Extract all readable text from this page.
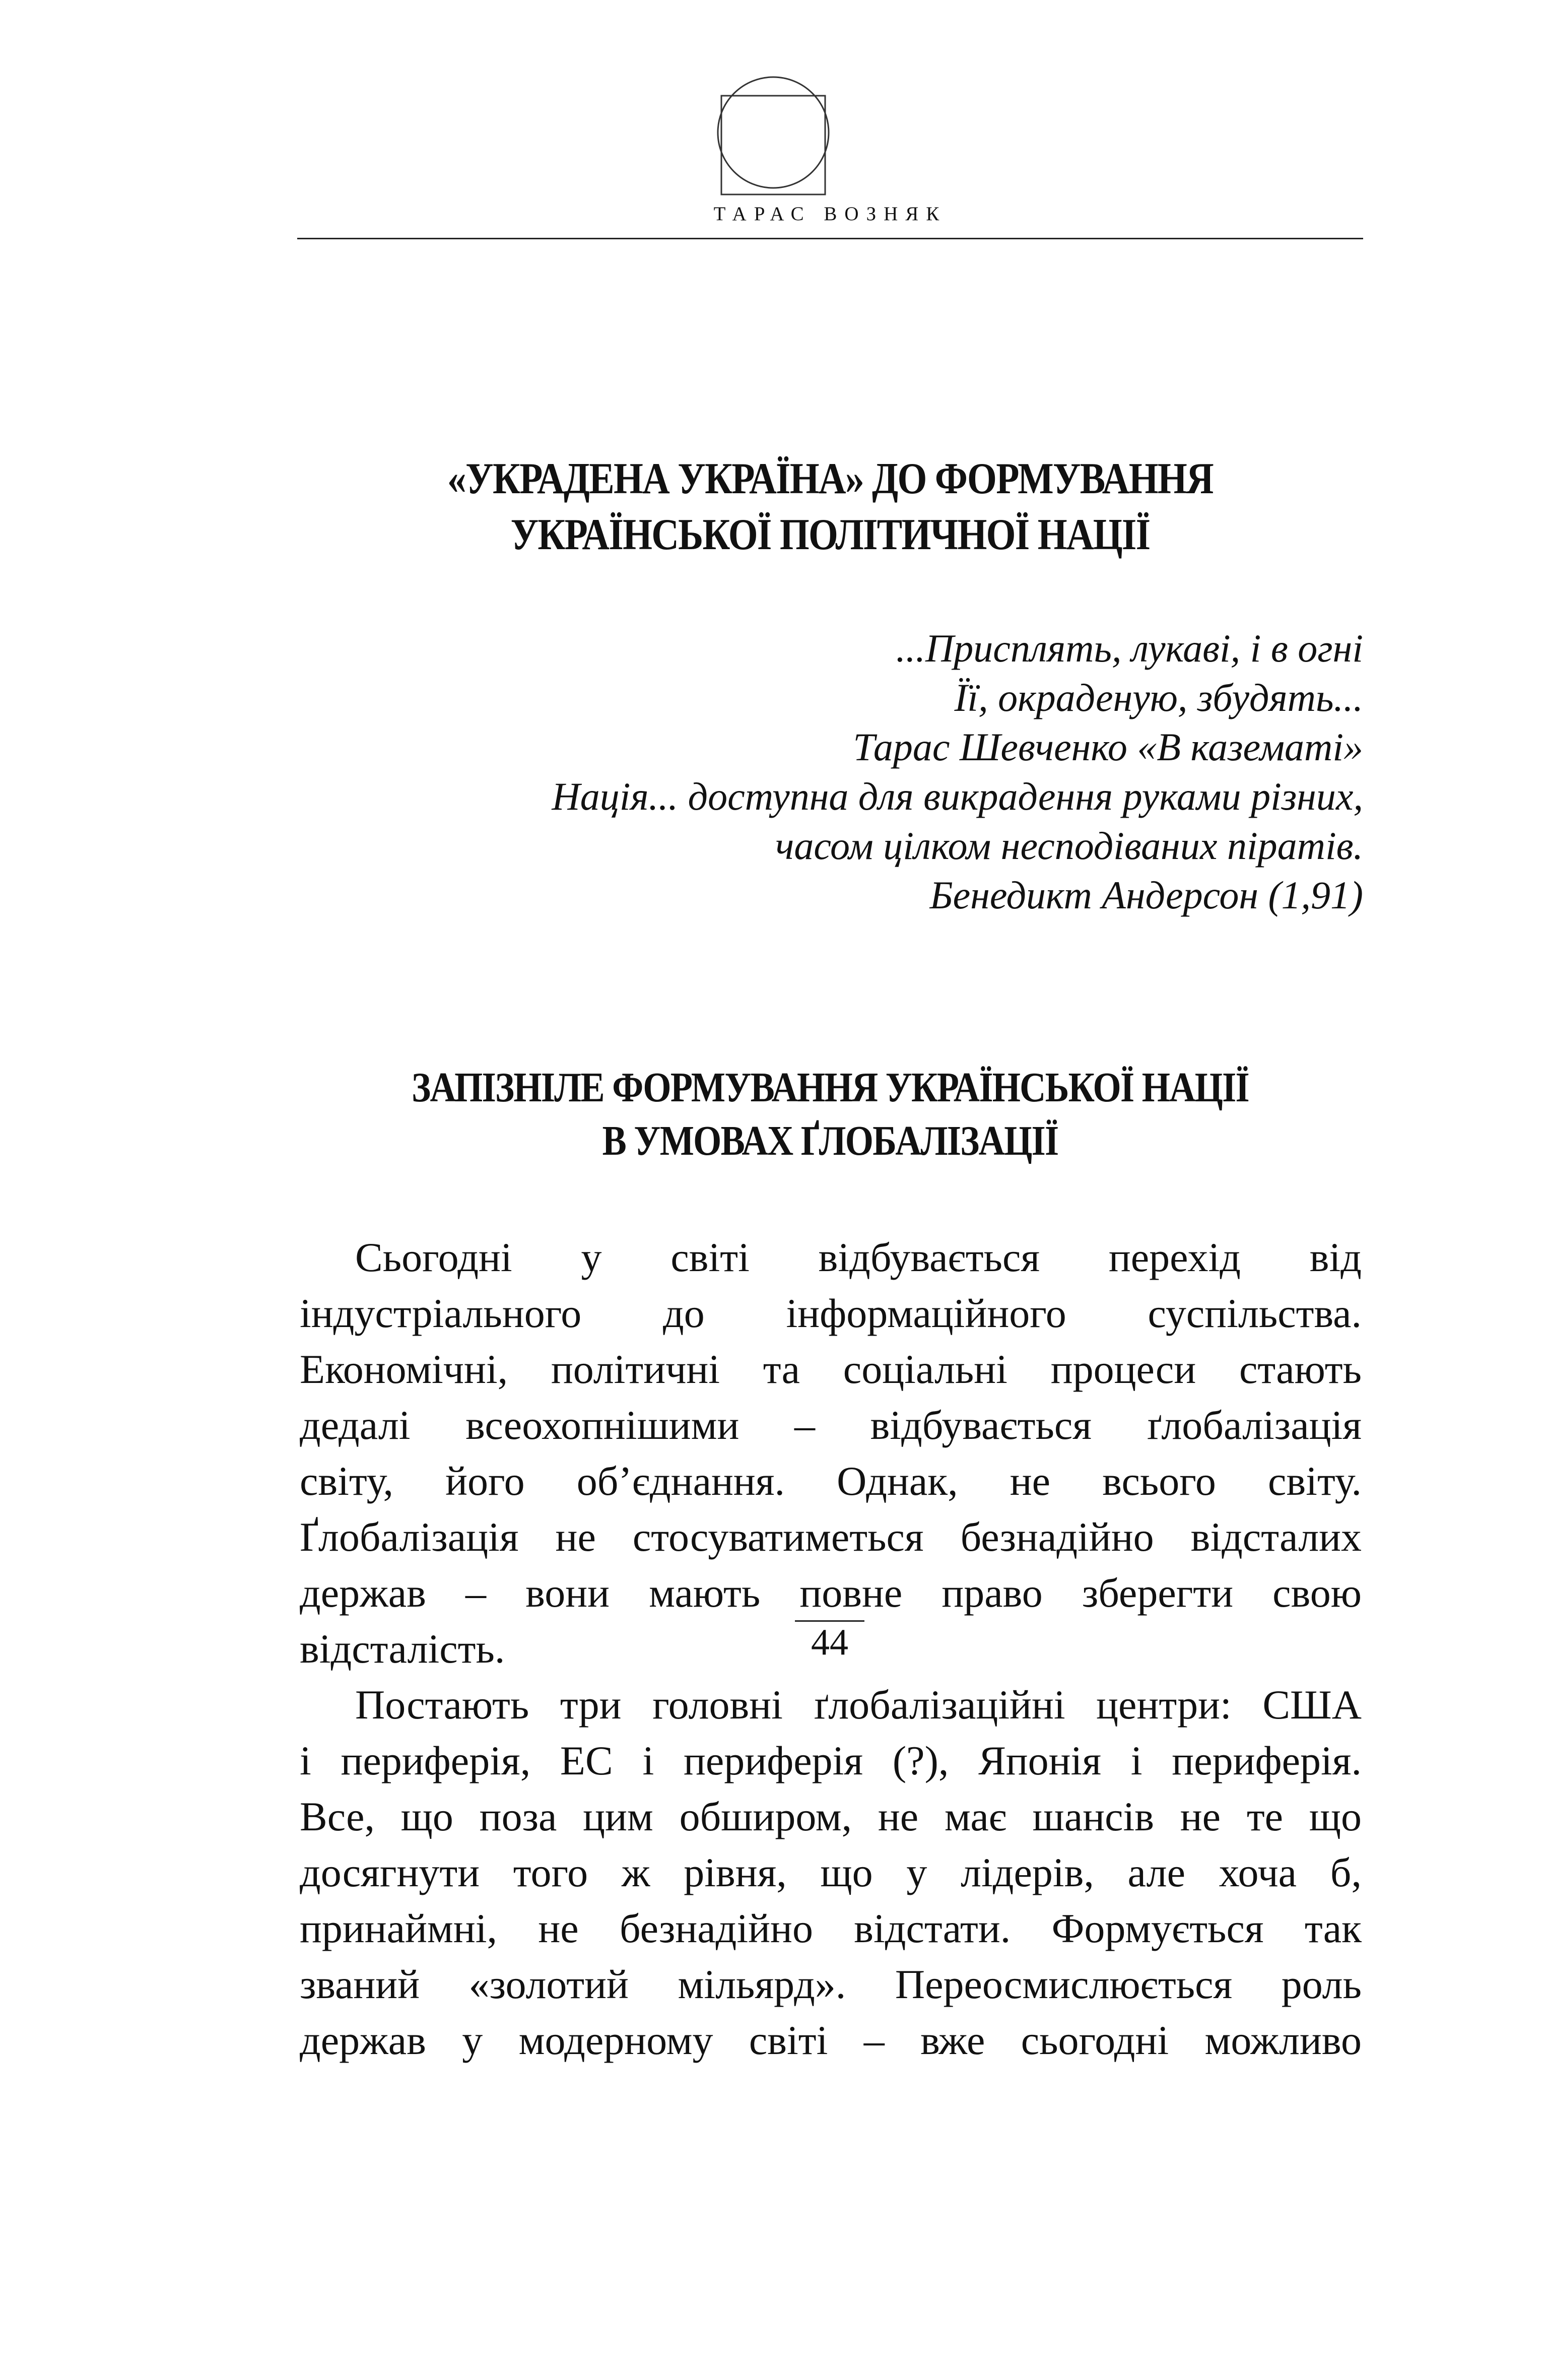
ТАРАС ВОЗНЯК
«УКРАДЕНА УКРАЇНА» ДО ФОРМУВАННЯ
УКРАЇНСЬКОЇ ПОЛІТИЧНОЇ НАЦІЇ
...Присплять, лукаві, і в огні
Її, окраденую, збудять...
Тарас Шевченко «В казематі»
Нація... доступна для викрадення руками різних,
часом цілком несподіваних піратів.
Бенедикт Андерсон (1,91)
ЗАПІЗНІЛЕ ФОРМУВАННЯ УКРАЇНСЬКОЇ НАЦІЇ
В УМОВАХ ҐЛОБАЛІЗАЦІЇ
Сьогодні у світі відбувається перехід від
індустріального до інформаційного суспільства.
Економічні, політичні та соціальні процеси стають
дедалі всеохопнішими – відбувається ґлобалізація
світу, його об’єднання. Однак, не всього світу.
Ґлобалізація не стосуватиметься безнадійно відсталих
держав – вони мають повне право зберегти свою
відсталість.
Постають три головні ґлобалізаційні центри: США
і периферія, ЕС і периферія (?), Японія і периферія.
Все, що поза цим обширом, не має шансів не те що
досягнути того ж рівня, що у лідерів, але хоча б,
принаймні, не безнадійно відстати. Формується так
званий «золотий мільярд». Переосмислюється роль
держав у модерному світі – вже сьогодні можливо
44
